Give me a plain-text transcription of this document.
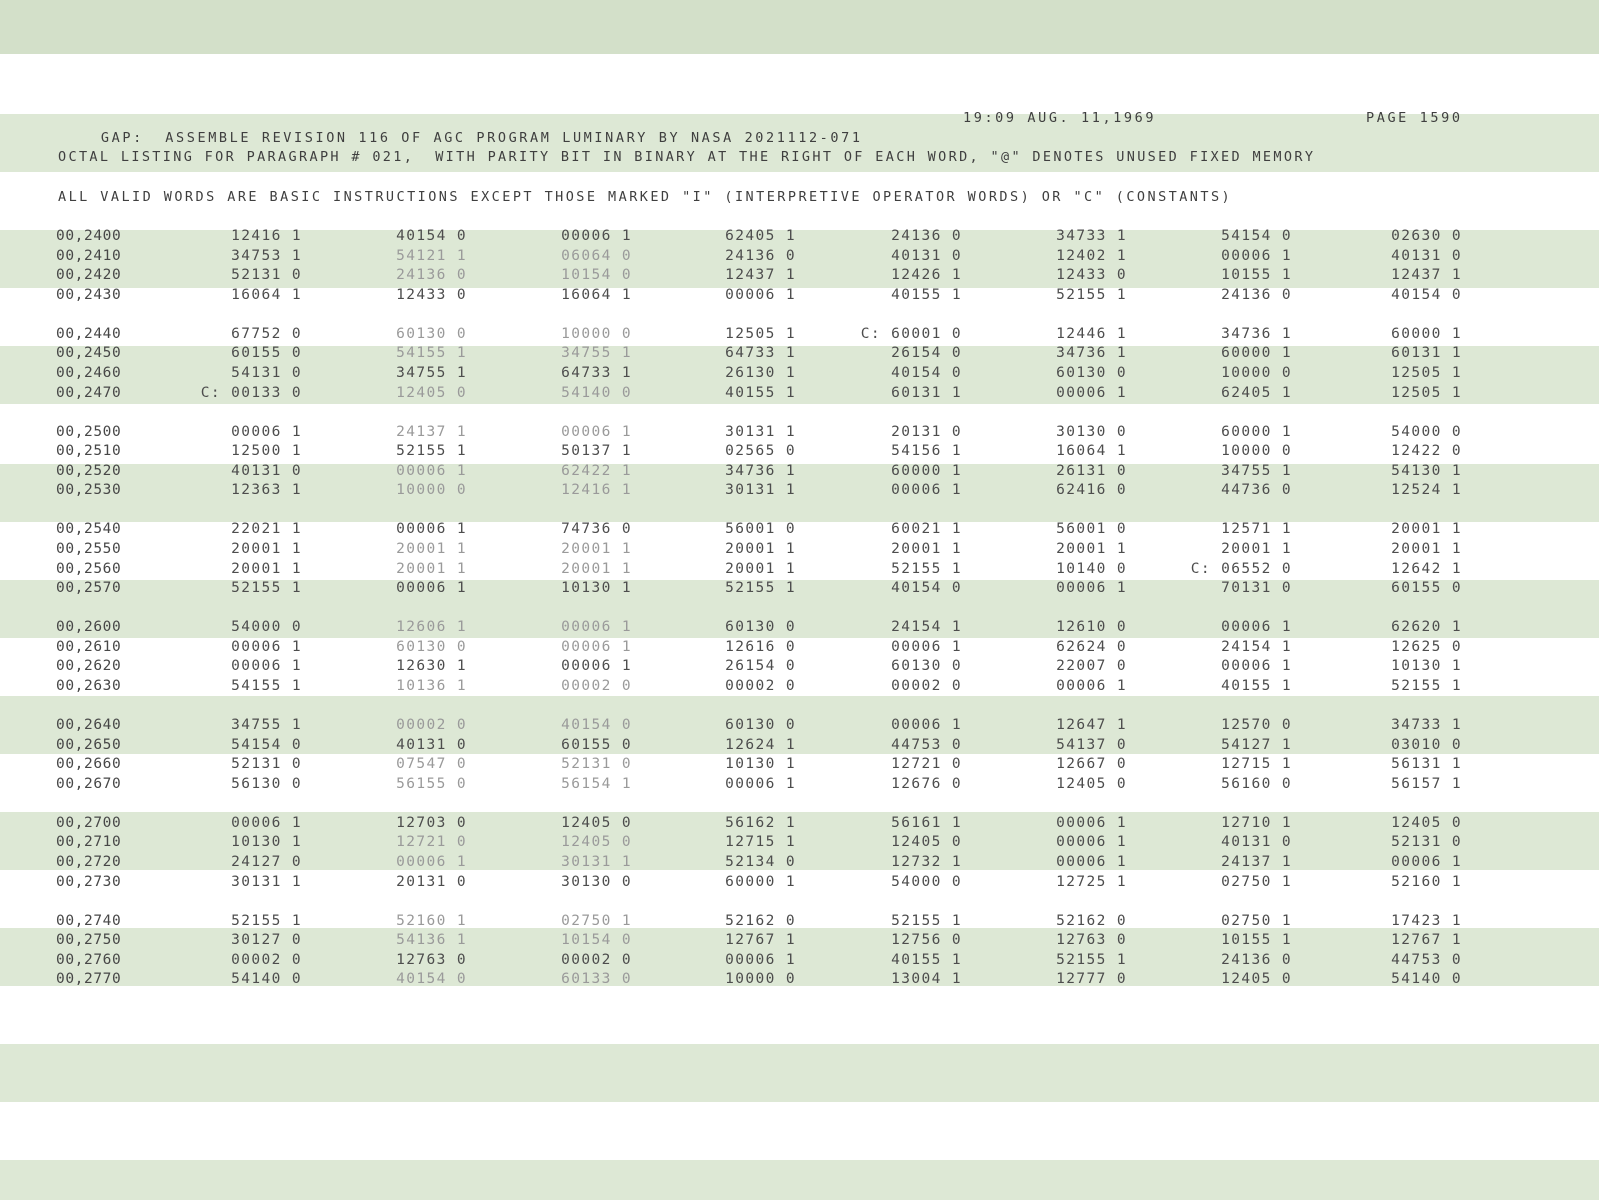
GAP:  ASSEMBLE REVISION 116 OF AGC PROGRAM LUMINARY BY NASA 2021112-071

19:09 AUG. 11,1969

	PAGE 1590

OCTAL LISTING FOR PARAGRAPH # 021,  WITH PARITY BIT IN BINARY AT THE RIGHT OF EACH WORD, "@" DENOTES UNUSED FIXED MEMORY
ALL VALID WORDS ARE BASIC INSTRUCTIONS EXCEPT THOSE MARKED "I" (INTERPRETIVE OPERATOR WORDS) OR "C" (CONSTANTS)
00,2400	12416 1	40154 0	00006 1	62405 1	24136 0	34733 1	54154 0	02630 0
00,2410	34753 1	54121 1	06064 0	24136 0	40131 0	12402 1	00006 1	40131 0
00,2420	52131 0	24136 0	10154 0	12437 1	12426 1	12433 0	10155 1	12437 1
00,2430	16064 1	12433 0	16064 1	00006 1	40155 1	52155 1	24136 0	40154 0
00,2440	67752 0	60130 0	10000 0	12505 1	C: 60001 0	12446 1	34736 1	60000 1
00,2450	60155 0	54155 1	34755 1	64733 1	26154 0	34736 1	60000 1	60131 1
00,2460	54131 0	34755 1	64733 1	26130 1	40154 0	60130 0	10000 0	12505 1
00,2470	C: 00133 0	12405 0	54140 0	40155 1	60131 1	00006 1	62405 1	12505 1
00,2500	00006 1	24137 1	00006 1	30131 1	20131 0	30130 0	60000 1	54000 0
00,2510	12500 1	52155 1	50137 1	02565 0	54156 1	16064 1	10000 0	12422 0
00,2520	40131 0	00006 1	62422 1	34736 1	60000 1	26131 0	34755 1	54130 1
00,2530	12363 1	10000 0	12416 1	30131 1	00006 1	62416 0	44736 0	12524 1
00,2540	22021 1	00006 1	74736 0	56001 0	60021 1	56001 0	12571 1	20001 1
00,2550	20001 1	20001 1	20001 1	20001 1	20001 1	20001 1	20001 1	20001 1
00,2560	20001 1	20001 1	20001 1	20001 1	52155 1	10140 0	C: 06552 0	12642 1
00,2570	52155 1	00006 1	10130 1	52155 1	40154 0	00006 1	70131 0	60155 0
00,2600	54000 0	12606 1	00006 1	60130 0	24154 1	12610 0	00006 1	62620 1
00,2610	00006 1	60130 0	00006 1	12616 0	00006 1	62624 0	24154 1	12625 0
00,2620	00006 1	12630 1	00006 1	26154 0	60130 0	22007 0	00006 1	10130 1
00,2630	54155 1	10136 1	00002 0	00002 0	00002 0	00006 1	40155 1	52155 1
00,2640	34755 1	00002 0	40154 0	60130 0	00006 1	12647 1	12570 0	34733 1
00,2650	54154 0	40131 0	60155 0	12624 1	44753 0	54137 0	54127 1	03010 0
00,2660	52131 0	07547 0	52131 0	10130 1	12721 0	12667 0	12715 1	56131 1
00,2670	56130 0	56155 0	56154 1	00006 1	12676 0	12405 0	56160 0	56157 1
00,2700	00006 1	12703 0	12405 0	56162 1	56161 1	00006 1	12710 1	12405 0
00,2710	10130 1	12721 0	12405 0	12715 1	12405 0	00006 1	40131 0	52131 0
00,2720	24127 0	00006 1	30131 1	52134 0	12732 1	00006 1	24137 1	00006 1
00,2730	30131 1	20131 0	30130 0	60000 1	54000 0	12725 1	02750 1	52160 1
00,2740	52155 1	52160 1	02750 1	52162 0	52155 1	52162 0	02750 1	17423 1
00,2750	30127 0	54136 1	10154 0	12767 1	12756 0	12763 0	10155 1	12767 1
00,2760	00002 0	12763 0	00002 0	00006 1	40155 1	52155 1	24136 0	44753 0
00,2770	54140 0	40154 0	60133 0	10000 0	13004 1	12777 0	12405 0	54140 0
